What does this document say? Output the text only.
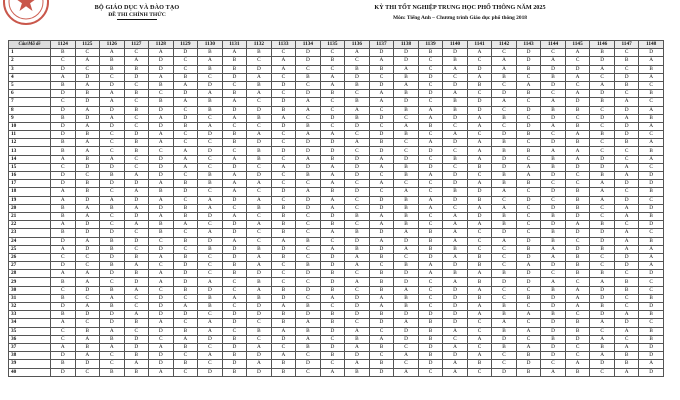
BỘ GIÁO DỤC VÀ ĐÀO TẠO
ĐỀ THI CHÍNH THỨC
KỲ THI TỐT NGHIỆP TRUNG HỌC PHỔ THÔNG NĂM 2025
Môn: Tiếng Anh – Chương trình Giáo dục phổ thông 2018
Câu\Mã đề	1124	1125	1126	1127	1128	1129	1130	1131	1132	1133	1134	1135	1136	1137	1138	1139	1140	1141	1142	1143	1144	1145	1146	1147	1148
1	B	C	A	C	A	D	B	A	B	C	D	C	A	D	D	B	D	A	C	D	C	A	B	C	D
2	C	A	B	A	D	C	A	B	C	A	D	B	C	A	D	C	B	C	A	D	A	C	D	B	A
3	D	C	B	B	D	C	B	B	D	A	C	C	B	B	A	C	A	D	A	B	D	D	A	C	B
4	A	D	C	D	A	B	C	D	A	C	B	A	D	C	B	D	C	A	B	C	B	A	C	D	A
5	B	A	D	C	B	A	D	C	B	D	C	A	B	D	A	C	D	B	C	A	D	C	A	B	C
6	D	B	A	B	C	D	A	B	A	C	D	B	C	A	B	D	A	C	D	B	C	A	D	C	B
7	C	D	A	C	B	A	B	A	C	D	A	C	B	A	D	C	B	D	A	C	A	D	B	A	C
8	D	A	D	B	D	C	B	D	D	B	A	C	A	C	B	A	B	D	C	D	B	B	C	D	A
9	B	D	A	C	A	D	C	A	B	A	C	D	B	D	C	A	D	A	B	C	D	C	D	A	B
10	D	A	D	C	D	B	A	C	C	D	B	C	D	C	A	B	C	A	C	D	A	B	C	D	A
11	D	B	C	D	A	C	D	B	A	C	A	A	C	D	B	C	A	C	D	B	C	A	B	D	C
12	B	A	C	B	A	C	C	B	D	C	D	D	A	B	C	A	D	A	B	C	D	B	C	B	A
13	B	A	C	B	C	A	D	C	B	D	D	D	C	D	C	D	C	A	B	B	A	A	C	C	B
14	A	B	A	C	D	A	C	A	B	C	A	B	D	A	D	C	B	A	D	C	B	A	D	C	A
15	C	D	D	C	D	A	C	D	C	A	D	A	D	A	B	D	C	B	D	A	B	D	D	A	C
16	D	C	B	A	D	C	B	A	D	C	B	A	D	C	B	A	D	C	B	A	D	C	B	A	D
17	D	B	D	D	A	B	B	A	A	C	C	A	C	A	C	C	D	A	B	B	C	C	A	D	D
18	A	B	C	A	B	D	C	A	C	D	A	B	D	C	A	C	B	D	A	C	D	B	A	C	B
19	A	D	A	D	A	C	A	D	A	C	D	A	C	D	B	A	D	B	C	D	C	B	A	D	C
20	B	A	B	A	D	B	A	C	B	B	D	A	C	D	B	A	C	A	A	C	D	B	C	A	D
21	B	A	C	D	A	B	D	A	C	B	C	D	B	A	B	C	A	D	B	C	B	D	C	A	B
22	A	D	C	A	B	A	C	D	A	B	C	B	C	A	B	C	A	A	B	C	D	A	B	C	D
23	B	D	D	C	B	C	A	D	C	B	C	A	B	D	A	B	A	C	D	C	B	D	D	A	C
24	D	A	B	D	C	B	D	A	C	A	B	C	D	A	D	B	A	C	A	D	B	C	D	A	B
25	A	D	B	C	D	C	B	D	B	D	C	A	B	D	A	B	B	C	C	B	A	D	B	A	A
26	C	C	D	B	A	B	C	D	A	B	C	D	A	B	C	D	A	B	C	D	A	B	C	D	A
27	D	C	B	A	C	D	C	B	A	C	B	D	A	C	B	A	D	B	C	A	D	B	C	D	A
28	A	A	D	B	A	D	C	B	D	C	D	B	C	B	D	A	B	A	B	D	C	B	B	C	D
29	B	A	C	D	A	D	A	C	B	C	C	D	A	B	D	C	A	B	D	D	A	C	A	B	C
30	C	D	B	A	C	B	D	C	A	B	D	B	C	B	A	C	D	A	C	C	B	A	D	B	C
31	B	C	A	C	D	C	B	A	B	D	C	A	D	A	B	C	D	B	C	B	D	A	D	C	B
32	D	A	B	C	D	A	B	C	D	A	B	C	D	A	B	C	D	A	B	C	D	A	B	C	D
33	B	D	D	A	D	D	C	D	D	B	D	B	D	B	D	D	D	A	B	A	B	C	D	A	B
34	A	C	D	B	A	C	A	D	C	B	A	B	C	D	A	B	D	C	A	C	D	B	A	D	C
35	C	B	A	C	D	B	A	C	B	A	B	D	A	C	D	B	A	C	B	A	D	B	C	A	B
36	C	A	B	D	C	A	D	B	C	D	A	C	B	A	D	B	C	A	D	C	B	D	A	C	B
37	A	B	A	D	A	B	C	D	A	C	B	D	A	B	C	D	A	C	B	A	D	C	B	A	D
38	D	A	C	B	D	C	A	B	D	A	C	B	D	C	A	B	D	A	C	B	D	C	A	B	D
39	B	D	C	A	D	B	C	D	A	B	D	C	A	B	C	D	A	B	C	D	C	A	D	B	A
40	D	C	B	B	A	C	D	B	D	B	C	A	B	D	A	C	A	C	D	B	A	B	C	A	D
